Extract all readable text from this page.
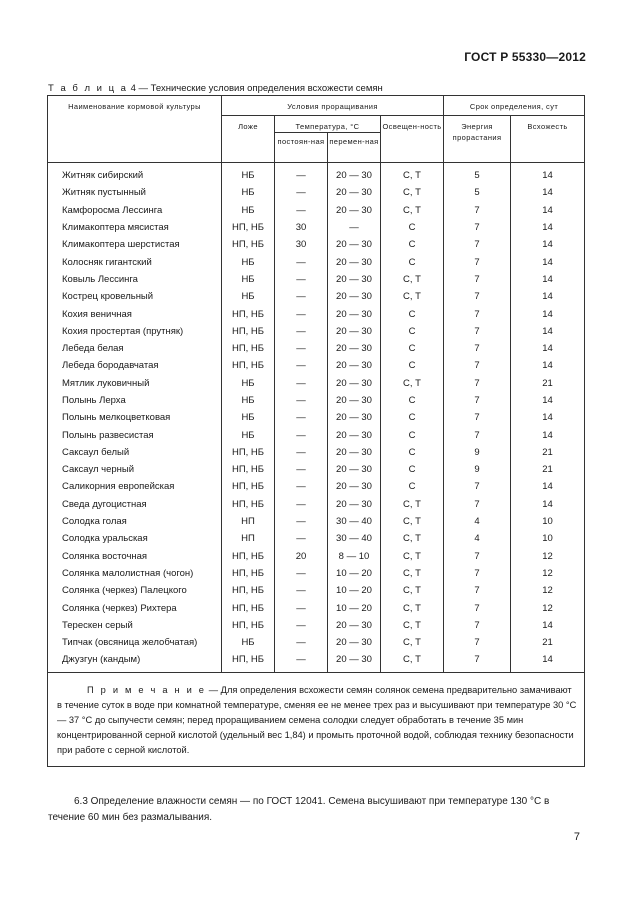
ГОСТ Р 55330—2012
Т а б л и ц а 4 — Технические условия определения всхожести семян
Наименование кормовой культуры	Условия проращивания				Срок определения, сут	
	Ложе	Температура, °С		Освещен-ность	Энергия прорастания	Всхожесть
		постоян-ная	перемен-ная			
Житняк сибирский	НБ	—	20 — 30	С, Т	5	14
Житняк пустынный	НБ	—	20 — 30	С, Т	5	14
Камфоросма Лессинга	НБ	—	20 — 30	С, Т	7	14
Климакоптера мясистая	НП, НБ	30	—	С	7	14
Климакоптера шерстистая	НП, НБ	30	20 — 30	С	7	14
Колосняк гигантский	НБ	—	20 — 30	С	7	14
Ковыль Лессинга	НБ	—	20 — 30	С, Т	7	14
Кострец кровельный	НБ	—	20 — 30	С, Т	7	14
Кохия веничная	НП, НБ	—	20 — 30	С	7	14
Кохия простертая (прутняк)	НП, НБ	—	20 — 30	С	7	14
Лебеда белая	НП, НБ	—	20 — 30	С	7	14
Лебеда бородавчатая	НП, НБ	—	20 — 30	С	7	14
Мятлик луковичный	НБ	—	20 — 30	С, Т	7	21
Полынь Лерха	НБ	—	20 — 30	С	7	14
Полынь мелкоцветковая	НБ	—	20 — 30	С	7	14
Полынь развесистая	НБ	—	20 — 30	С	7	14
Саксаул белый	НП, НБ	—	20 — 30	С	9	21
Саксаул черный	НП, НБ	—	20 — 30	С	9	21
Саликорния европейская	НП, НБ	—	20 — 30	С	7	14
Сведа дугоцистная	НП, НБ	—	20 — 30	С, Т	7	14
Солодка голая	НП	—	30 — 40	С, Т	4	10
Солодка уральская	НП	—	30 — 40	С, Т	4	10
Солянка восточная	НП, НБ	20	8 — 10	С, Т	7	12
Солянка малолистная (чогон)	НП, НБ	—	10 — 20	С, Т	7	12
Солянка (черкез) Палецкого	НП, НБ	—	10 — 20	С, Т	7	12
Солянка (черкез) Рихтера	НП, НБ	—	10 — 20	С, Т	7	12
Терескен серый	НП, НБ	—	20 — 30	С, Т	7	14
Типчак (овсяница желобчатая)	НБ	—	20 — 30	С, Т	7	21
Джузгун (кандым)	НП, НБ	—	20 — 30	С, Т	7	14
П р и м е ч а н и е — Для определения всхожести семян солянок семена предварительно замачивают в течение суток в воде при комнатной температуре, сменяя ее не менее трех раз и высушивают при температуре 30 °С — 37 °С до сыпучести семян; перед проращиванием семена солодки следует обработать в течение 35 мин концентрированной серной кислотой (удельный вес 1,84) и промыть проточной водой, соблюдая технику безопасности при работе с серной кислотой.						
6.3 Определение влажности семян — по ГОСТ 12041. Семена высушивают при температуре 130 °С в течение 60 мин без размалывания.
7
